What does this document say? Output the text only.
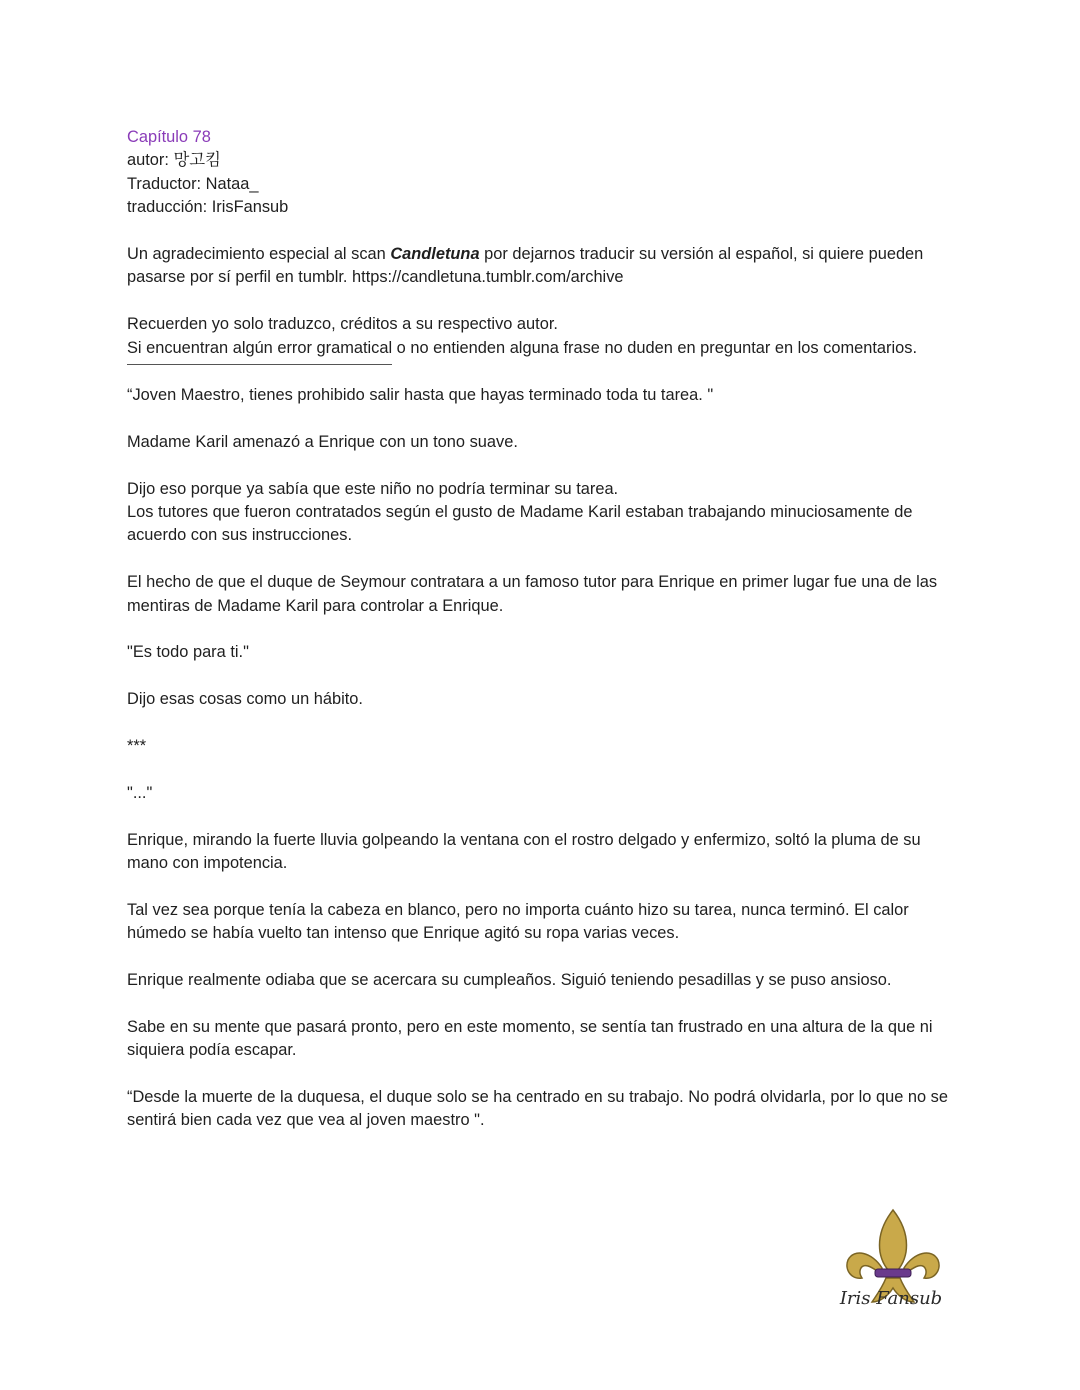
Capítulo 78
autor: 망고킴
Traductor: Nataa_
traducción: IrisFansub

Un agradecimiento especial al scan Candletuna por dejarnos traducir su versión al español, si quiere pueden pasarse por sí perfil en tumblr. https://candletuna.tumblr.com/archive

Recuerden yo solo traduzco, créditos a su respectivo autor.
Si encuentran algún error gramatical o no entienden alguna frase no duden en preguntar en los comentarios.

“Joven Maestro, tienes prohibido salir hasta que hayas terminado toda tu tarea. "

Madame Karil amenazó a Enrique con un tono suave.

Dijo eso porque ya sabía que este niño no podría terminar su tarea.
Los tutores que fueron contratados según el gusto de Madame Karil estaban trabajando minuciosamente de acuerdo con sus instrucciones.

El hecho de que el duque de Seymour contratara a un famoso tutor para Enrique en primer lugar fue una de las mentiras de Madame Karil para controlar a Enrique.

"Es todo para ti."

Dijo esas cosas como un hábito.

***

"..."

Enrique, mirando la fuerte lluvia golpeando la ventana con el rostro delgado y enfermizo, soltó la pluma de su mano con impotencia.

Tal vez sea porque tenía la cabeza en blanco, pero no importa cuánto hizo su tarea, nunca terminó. El calor húmedo se había vuelto tan intenso que Enrique agitó su ropa varias veces.

Enrique realmente odiaba que se acercara su cumpleaños. Siguió teniendo pesadillas y se puso ansioso.

Sabe en su mente que pasará pronto, pero en este momento, se sentía tan frustrado en una altura de la que ni siquiera podía escapar.

“Desde la muerte de la duquesa, el duque solo se ha centrado en su trabajo. No podrá olvidarla, por lo que no se sentirá bien cada vez que vea al joven maestro ".

Iris Fansub
